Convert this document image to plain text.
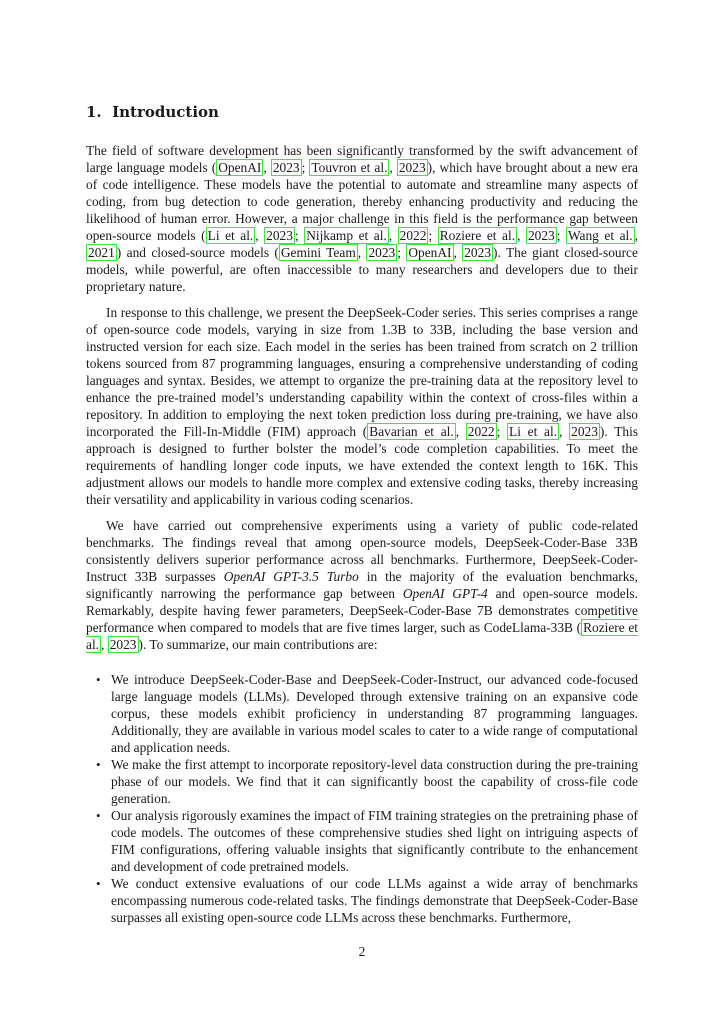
1. Introduction

The field of software development has been significantly transformed by the swift advancement of large language models ( OpenAI , 2023 ; Touvron et al. , 2023 ), which have brought about a new era of code intelligence. These models have the potential to automate and streamline many aspects of coding, from bug detection to code generation, thereby enhancing productivity and reducing the likelihood of human error. However, a major challenge in this field is the performance gap between open-source models ( Li et al. , 2023 ; Nijkamp et al. , 2022 ; Roziere et al. , 2023 ; Wang et al. , 2021 ) and closed-source models ( Gemini Team , 2023 ; OpenAI , 2023 ). The giant closed-source models, while powerful, are often inaccessible to many researchers and developers due to their proprietary nature.

In response to this challenge, we present the DeepSeek-Coder series. This series comprises a range of open-source code models, varying in size from 1.3B to 33B, including the base version and instructed version for each size. Each model in the series has been trained from scratch on 2 trillion tokens sourced from 87 programming languages, ensuring a comprehensive understanding of coding languages and syntax. Besides, we attempt to organize the pre-training data at the repository level to enhance the pre-trained model’s understanding capability within the context of cross-files within a repository. In addition to employing the next token prediction loss during pre-training, we have also incorporated the Fill-In-Middle (FIM) approach ( Bavarian et al. , 2022 ; Li et al. , 2023 ). This approach is designed to further bolster the model’s code completion capabilities. To meet the requirements of handling longer code inputs, we have extended the context length to 16K. This adjustment allows our models to handle more complex and extensive coding tasks, thereby increasing their versatility and applicability in various coding scenarios.

We have carried out comprehensive experiments using a variety of public code-related benchmarks. The findings reveal that among open-source models, DeepSeek-Coder-Base 33B consistently delivers superior performance across all benchmarks. Furthermore, DeepSeek-Coder-Instruct 33B surpasses OpenAI GPT-3.5 Turbo in the majority of the evaluation benchmarks, significantly narrowing the performance gap between OpenAI GPT-4 and open-source models. Remarkably, despite having fewer parameters, DeepSeek-Coder-Base 7B demonstrates competitive performance when compared to models that are five times larger, such as CodeLlama-33B ( Roziere et al. , 2023 ). To summarize, our main contributions are:

• We introduce DeepSeek-Coder-Base and DeepSeek-Coder-Instruct, our advanced code-focused large language models (LLMs). Developed through extensive training on an expansive code corpus, these models exhibit proficiency in understanding 87 programming languages. Additionally, they are available in various model scales to cater to a wide range of computational and application needs.
• We make the first attempt to incorporate repository-level data construction during the pre-training phase of our models. We find that it can significantly boost the capability of cross-file code generation.
• Our analysis rigorously examines the impact of FIM training strategies on the pretraining phase of code models. The outcomes of these comprehensive studies shed light on intriguing aspects of FIM configurations, offering valuable insights that significantly contribute to the enhancement and development of code pretrained models.
• We conduct extensive evaluations of our code LLMs against a wide array of benchmarks encompassing numerous code-related tasks. The findings demonstrate that DeepSeek-Coder-Base surpasses all existing open-source code LLMs across these benchmarks. Furthermore,
2
